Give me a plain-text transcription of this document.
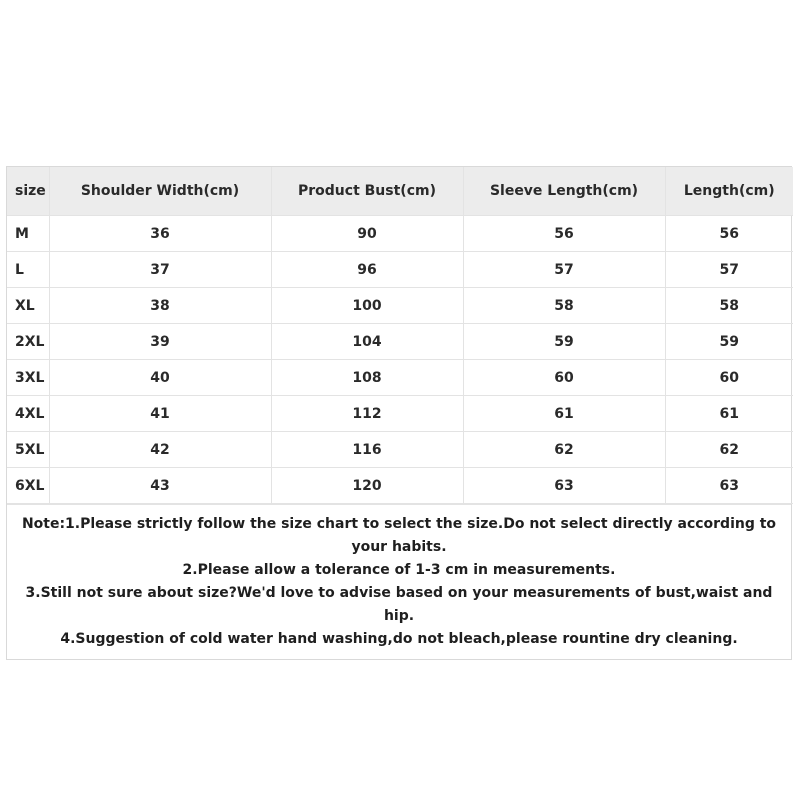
size	Shoulder Width(cm)	Product Bust(cm)	Sleeve Length(cm)	Length(cm)
M	36	90	56	56
L	37	96	57	57
XL	38	100	58	58
2XL	39	104	59	59
3XL	40	108	60	60
4XL	41	112	61	61
5XL	42	116	62	62
6XL	43	120	63	63
Note:1.Please strictly follow the size chart to select the size.Do not select directly according to your habits.
2.Please allow a tolerance of 1-3 cm in measurements.
3.Still not sure about size?We'd love to advise based on your measurements of bust,waist and hip.
4.Suggestion of cold water hand washing,do not bleach,please rountine dry cleaning.
